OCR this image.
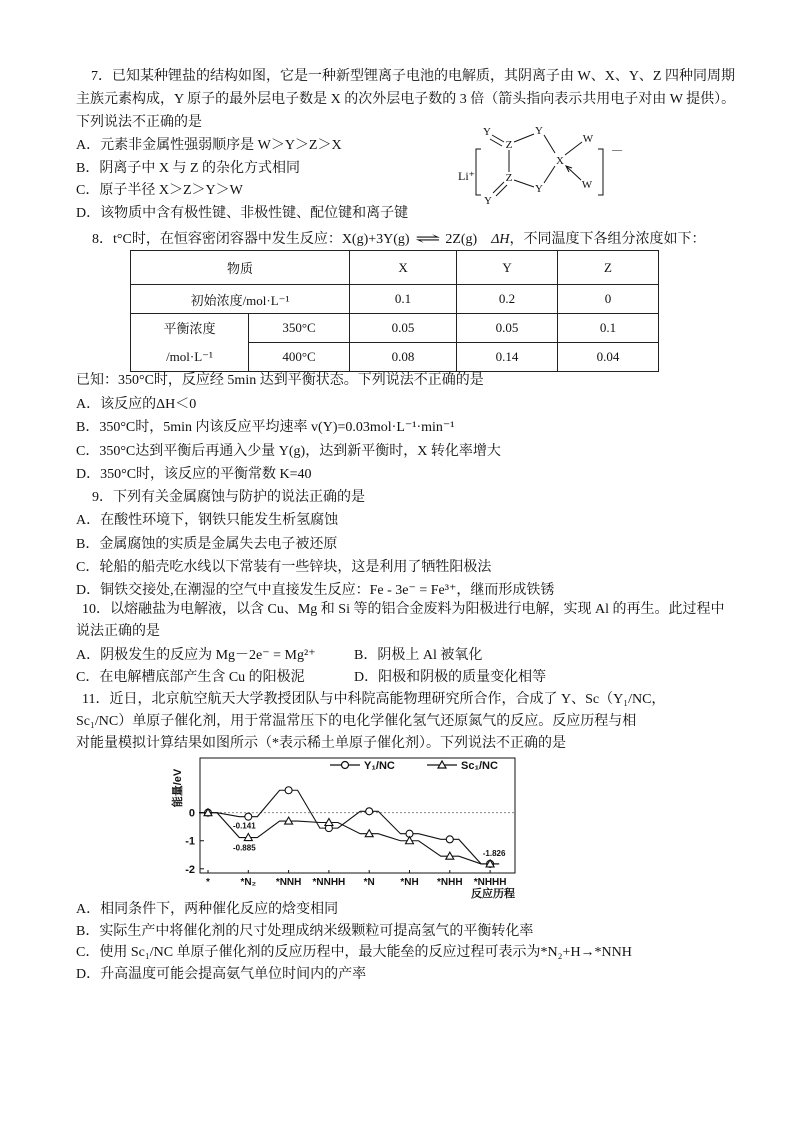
7．已知某种锂盐的结构如图，它是一种新型锂离子电池的电解质，其阴离子由 W、X、Y、Z 四种同周期
主族元素构成，Y 原子的最外层电子数是 X 的次外层电子数的 3 倍（箭头指向表示共用电子对由 W 提供）。
下列说法不正确的是
A．元素非金属性强弱顺序是 W＞Y＞Z＞X
B．阴离子中 X 与 Z 的杂化方式相同
C．原子半径 X＞Z＞Y＞W
D．该物质中含有极性键、非极性键、配位键和离子键
Li⁺
—
Y
Z
Y
W
X
W
Z
Y
Y
8．t°C时，在恒容密闭容器中发生反应：X(g)+3Y(g) ⇌ 2Z(g) ΔH，不同温度下各组分浓度如下：
物质		X	Y	Z
初始浓度/mol·L⁻¹		0.1	0.2	0

平衡浓度
/mol·L⁻¹	350°C	0.05	0.05	0.1
	400°C	0.08	0.14	0.04
已知：350°C时，反应经 5min 达到平衡状态。下列说法不正确的是
A．该反应的ΔH＜0
B．350°C时，5min 内该反应平均速率 v(Y)=0.03mol·L⁻¹·min⁻¹
C．350°C达到平衡后再通入少量 Y(g)，达到新平衡时，X 转化率增大
D．350°C时，该反应的平衡常数 K=40
9．下列有关金属腐蚀与防护的说法正确的是
A．在酸性环境下，钢铁只能发生析氢腐蚀
B．金属腐蚀的实质是金属失去电子被还原
C．轮船的船壳吃水线以下常装有一些锌块，这是利用了牺牲阳极法
D．铜铁交接处,在潮湿的空气中直接发生反应：Fe - 3e⁻ = Fe³⁺，继而形成铁锈
10．以熔融盐为电解液，以含 Cu、Mg 和 Si 等的铝合金废料为阳极进行电解，实现 Al 的再生。此过程中
说法正确的是
A．阴极发生的反应为 Mg－2e⁻ = Mg²⁺	B．阴极上 Al 被氧化
C．在电解槽底部产生含 Cu 的阳极泥	D．阳极和阴极的质量变化相等
11．近日，北京航空航天大学教授团队与中科院高能物理研究所合作，合成了 Y、Sc（Y₁/NC，
Sc₁/NC）单原子催化剂，用于常温常压下的电化学催化氢气还原氮气的反应。反应历程与相
对能量模拟计算结果如图所示（*表示稀土单原子催化剂）。下列说法不正确的是
能量/eV
反应历程
Y₁/NC	Sc₁/NC
0
-1
-2
*	*N₂ *NNH *NNHH *N	*NH *NHH *NHHH
-0.141
-0.885
-1.826
A．相同条件下，两种催化反应的焓变相同
B．实际生产中将催化剂的尺寸处理成纳米级颗粒可提高氢气的平衡转化率
C．使用 Sc₁/NC 单原子催化剂的反应历程中，最大能垒的反应过程可表示为*N₂+H→*NNH
D．升高温度可能会提高氨气单位时间内的产率
